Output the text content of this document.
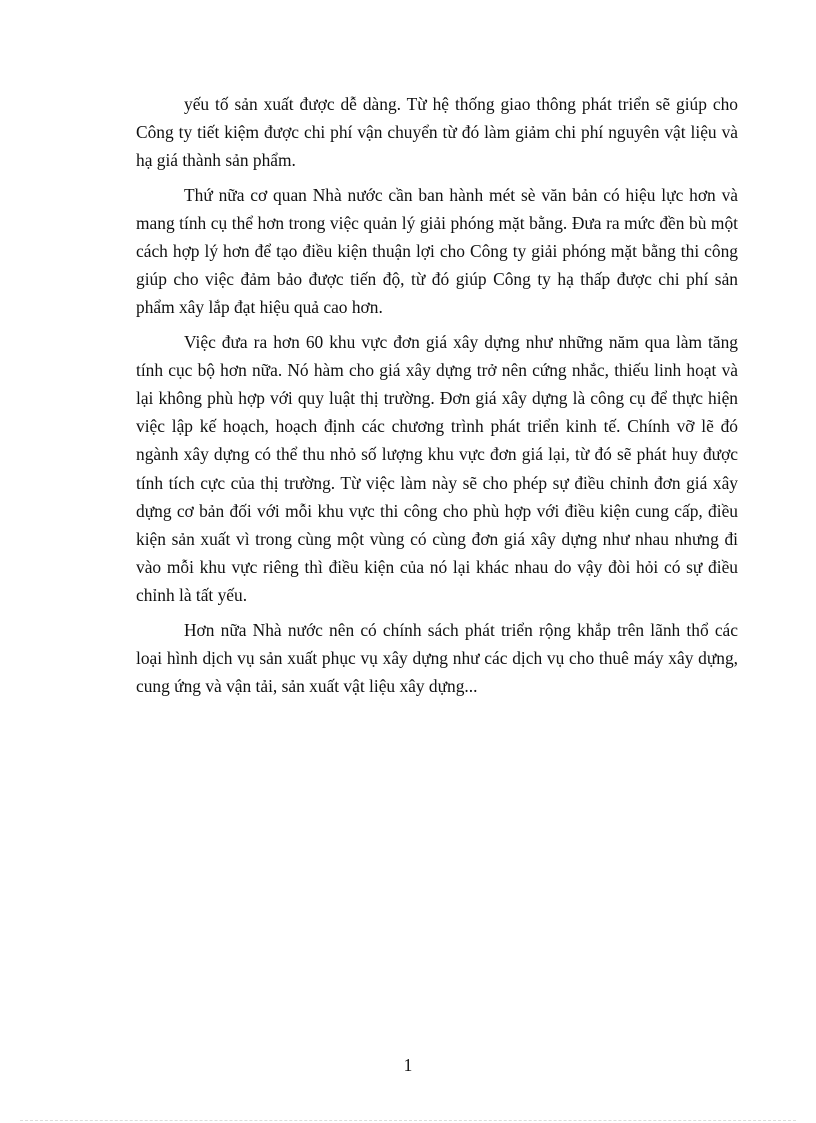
yếu tố sản xuất được dễ dàng. Từ hệ thống giao thông phát triển sẽ giúp cho Công ty tiết kiệm được chi phí vận chuyển từ đó làm giảm chi phí nguyên vật liệu và hạ giá thành sản phẩm.

Thứ nữa cơ quan Nhà nước cần ban hành mét sè văn bản có hiệu lực hơn và mang tính cụ thể hơn trong việc quản lý giải phóng mặt bằng. Đưa ra mức đền bù một cách hợp lý hơn để tạo điều kiện thuận lợi cho Công ty giải phóng mặt bằng thi công giúp cho việc đảm bảo được tiến độ, từ đó giúp Công ty hạ thấp được chi phí sản phẩm xây lắp đạt hiệu quả cao hơn.

Việc đưa ra hơn 60 khu vực đơn giá xây dựng như những năm qua làm tăng tính cục bộ hơn nữa. Nó hàm cho giá xây dựng trở nên cứng nhắc, thiếu linh hoạt và lại không phù hợp với quy luật thị trường. Đơn giá xây dựng là công cụ để thực hiện việc lập kế hoạch, hoạch định các chương trình phát triển kinh tế. Chính vỡ lẽ đó ngành xây dựng có thể thu nhỏ số lượng khu vực đơn giá lại, từ đó sẽ phát huy được tính tích cực của thị trường. Từ việc làm này sẽ cho phép sự điều chỉnh đơn giá xây dựng cơ bản đối với mỗi khu vực thi công cho phù hợp với điều kiện cung cấp, điều kiện sản xuất vì trong cùng một vùng có cùng đơn giá xây dựng như nhau nhưng đi vào mỗi khu vực riêng thì điều kiện của nó lại khác nhau do vậy đòi hỏi có sự điều chỉnh là tất yếu.

Hơn nữa Nhà nước nên có chính sách phát triển rộng khắp trên lãnh thổ các loại hình dịch vụ sản xuất phục vụ xây dựng như các dịch vụ cho thuê máy xây dựng, cung ứng và vận tải, sản xuất vật liệu xây dựng...

1
